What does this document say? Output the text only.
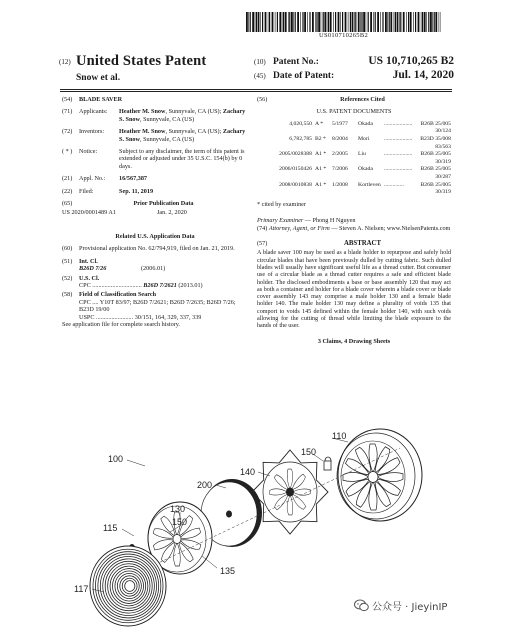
US010710265B2
(12) United States Patent
Snow et al.
(10) Patent No.:	US 10,710,265 B2
(45) Date of Patent:	Jul. 14, 2020
(54)	BLADE SAVER
(71)	Applicants:	Heather M. Snow, Sunnyvale, CA (US); Zachary S. Snow, Sunnyvale, CA (US)
(72)	Inventors:	Heather M. Snow, Sunnyvale, CA (US); Zachary S. Snow, Sunnyvale, CA (US)
( * )	Notice:	Subject to any disclaimer, the term of this patent is extended or adjusted under 35 U.S.C. 154(b) by 0 days.
(21)	Appl. No.:	16/567,387
(22)	Filed:	Sep. 11, 2019
(65)	Prior Publication Data
US 2020/0001489 A1	Jan. 2, 2020
Related U.S. Application Data
(60)	Provisional application No. 62/794,919, filed on Jan. 21, 2019.
(51)	Int. Cl.
B26D 7/26	(2006.01)
(52)	U.S. Cl.
CPC ................................ B26D 7/2621 (2013.01)
(58)	Field of Classification Search
CPC .... Y10T 83/97; B26D 7/2621; B26D 7/2635; B26D 7/26; B23D 19/00
USPC ........................ 30/151, 164, 329, 337, 339
See application file for complete search history.
(56)	References Cited
U.S. PATENT DOCUMENTS
4,020,550 A *	5/1977	Okada	....................	B26B 25/005
30/124
6,782,785 B2 *	8/2004	Mori	....................	B23D 35/008
83/563
2005/0028388 A1 *	2/2005	Liu	....................	B26B 25/005
30/319
2006/0150426 A1 *	7/2006	Okada	....................	B26B 25/005
30/287
2008/0010838 A1 *	1/2008	Kortleven ..............	B26B 25/005
30/319
* cited by examiner
Primary Examiner — Phong H Nguyen
(74) Attorney, Agent, or Firm — Steven A. Nielsen; www.NielsenPatents.com
(57)	ABSTRACT
A blade saver 100 may be used as a blade holder to repurpose and safely hold circular blades that have been previously dulled by cutting fabric. Such dulled blades will usually have significant useful life as a thread cutter. But consumer use of a circular blade as a thread cutter requires a safe and efficient blade holder. The disclosed embodiments a base or base assembly 120 that may act as both a container and holder for a blade cover wherein a blade cover or blade cover assembly 143 may comprise a male holder 130 and a female blade holder 140. The male holder 130 may define a plurality of voids 135 that comport to voids 145 defined within the female holder 140, with such voids allowing for the cutting of thread while limiting the blade exposure to the hands of the user.
3 Claims, 4 Drawing Sheets
110
140
150
200
100
130
150
115
135
117
公众号 · JieyinIP
